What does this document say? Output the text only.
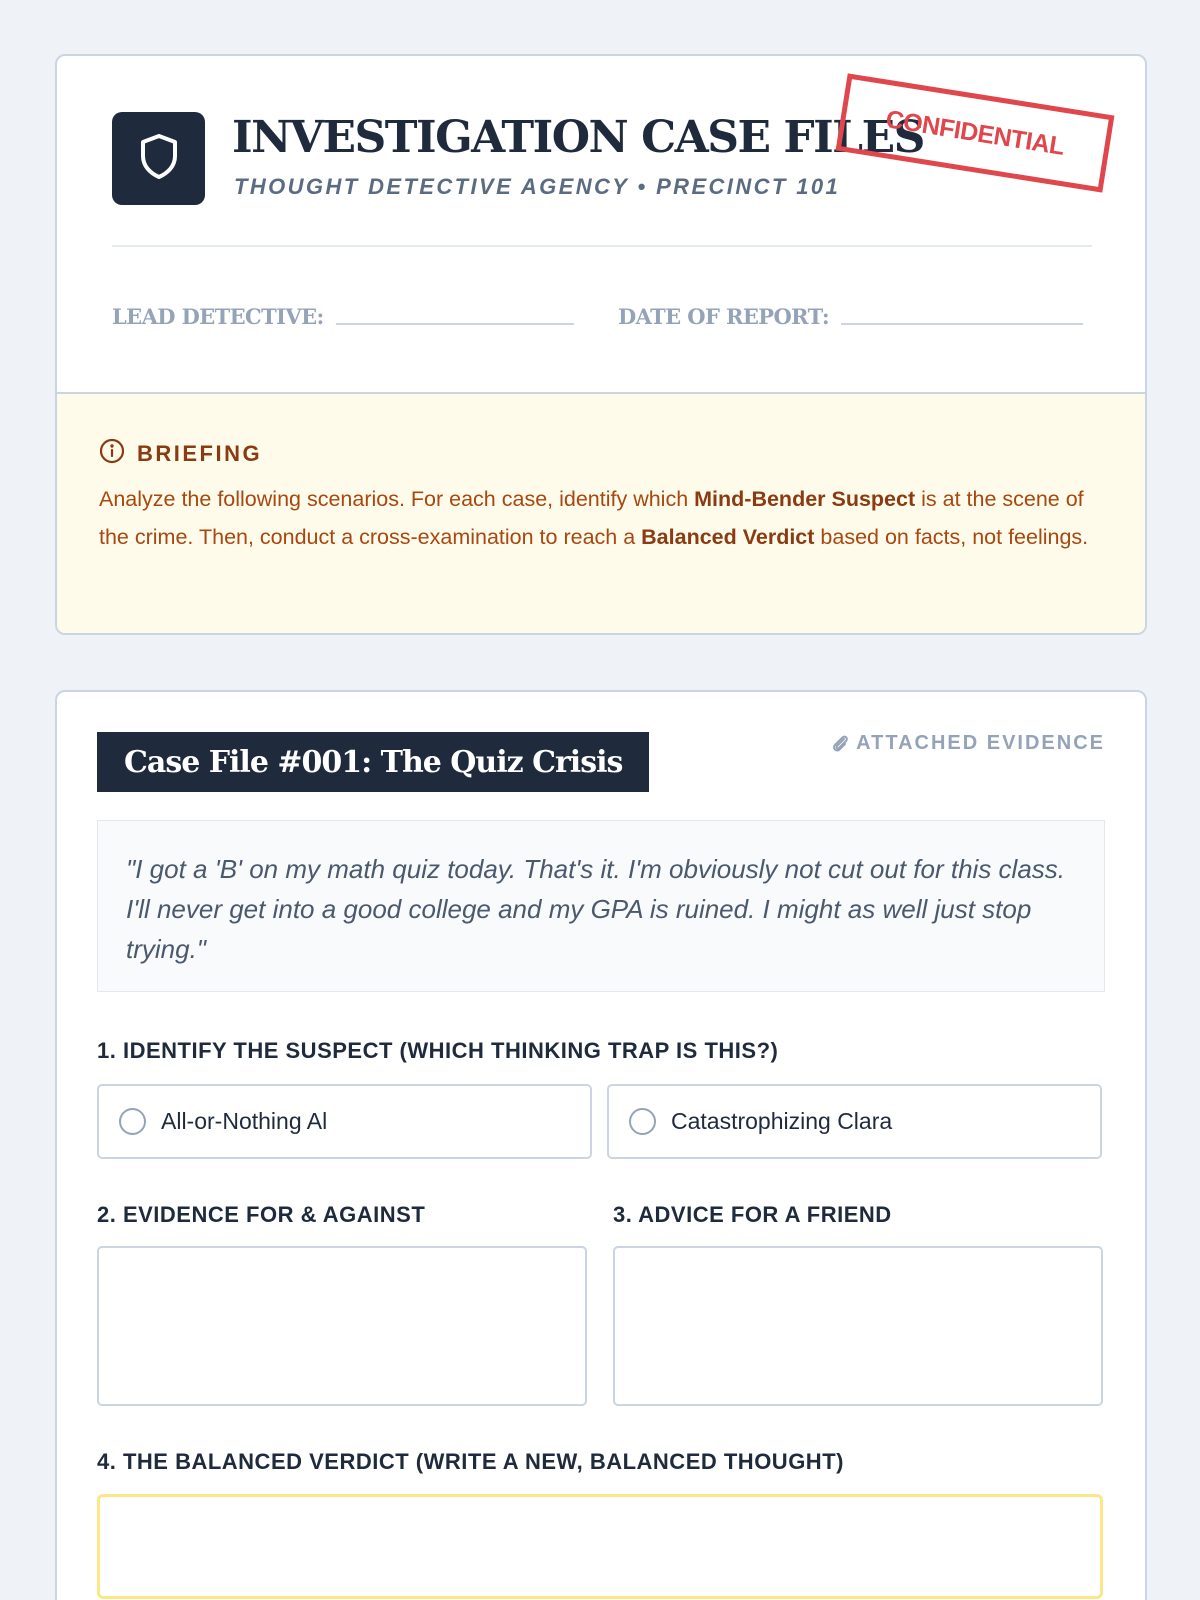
INVESTIGATION CASE FILES
THOUGHT DETECTIVE AGENCY • PRECINCT 101
CONFIDENTIAL
LEAD DETECTIVE:	DATE OF REPORT:
BRIEFING
Analyze the following scenarios. For each case, identify which Mind-Bender Suspect is at the scene of the crime. Then, conduct a cross-examination to reach a Balanced Verdict based on facts, not feelings.
Case File #001: The Quiz Crisis
ATTACHED EVIDENCE
"I got a 'B' on my math quiz today. That's it. I'm obviously not cut out for this class. I'll never get into a good college and my GPA is ruined. I might as well just stop trying."
1. IDENTIFY THE SUSPECT (WHICH THINKING TRAP IS THIS?)
All-or-Nothing Al	Catastrophizing Clara
2. EVIDENCE FOR & AGAINST	3. ADVICE FOR A FRIEND
4. THE BALANCED VERDICT (WRITE A NEW, BALANCED THOUGHT)
